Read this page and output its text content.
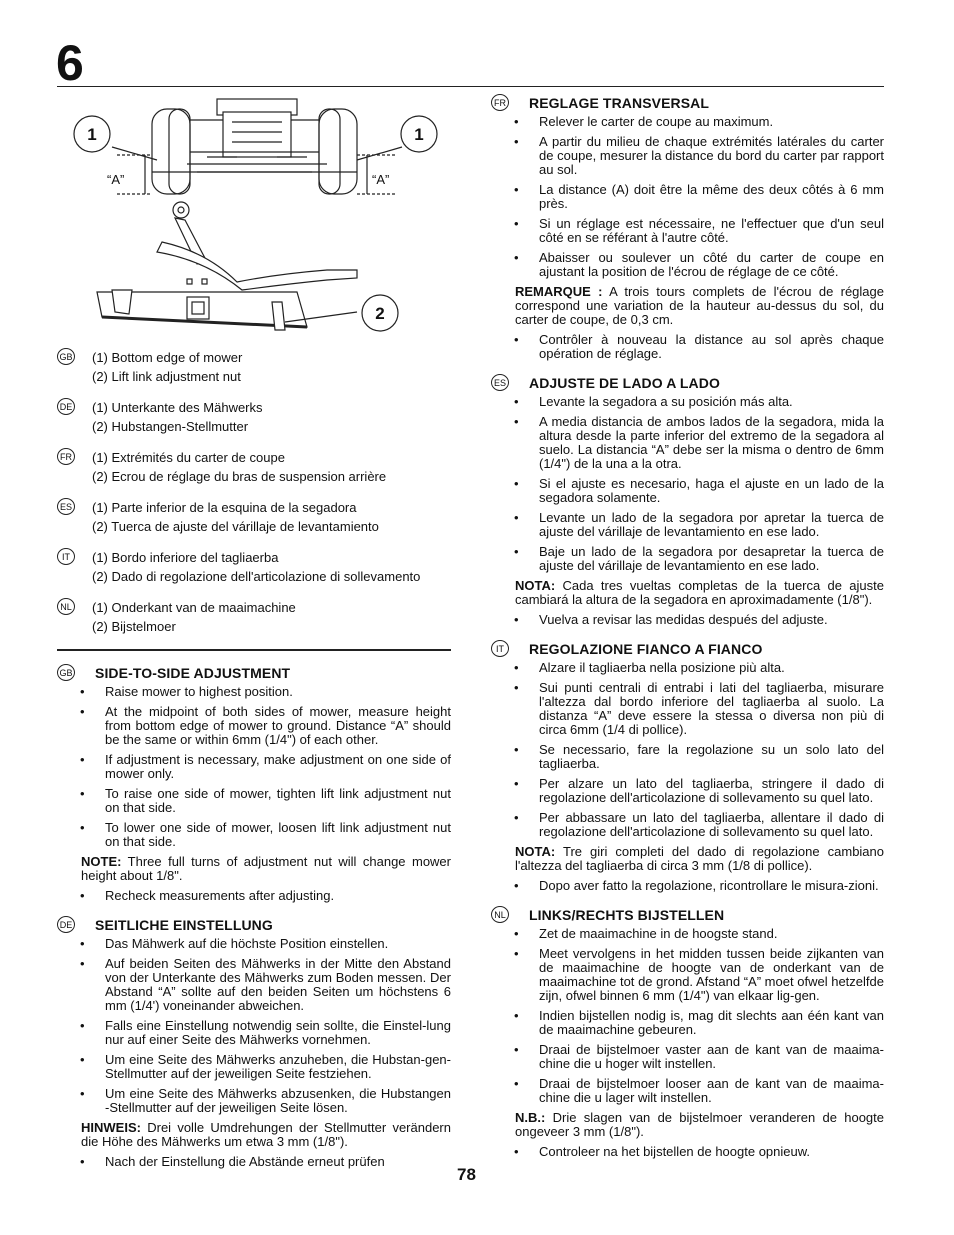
6
1	1
2
“A”	“A”
GB (1) Bottom edge of mower
(2) Lift link adjustment nut
DE (1) Unterkante des Mähwerks
(2) Hubstangen-Stellmutter
FR (1) Extrémités du carter de coupe
(2) Ecrou de réglage du bras de suspension arrière
ES (1) Parte inferior de la esquina de la segadora
(2) Tuerca de ajuste del várillaje de levantamiento
IT	(1) Bordo inferiore del tagliaerba
(2) Dado di regolazione dell'articolazione di sollevamento
NL (1) Onderkant van de maaimachine
(2) Bijstelmoer
GB SIDE-TO-SIDE ADJUSTMENT
• Raise mower to highest position.
• At the midpoint of both sides of mower, measure height from bottom edge of mower to ground. Distance “A” should be the same or within 6mm (1/4") of each other.
• If adjustment is necessary, make adjustment on one side of mower only.
• To raise one side of mower, tighten lift link adjustment nut on that side.
• To lower one side of mower, loosen lift link adjustment nut on that side.
NOTE: Three full turns of adjustment nut will change mower height about 1/8".
• Recheck measurements after adjusting.
DE SEITLICHE EINSTELLUNG
• Das Mähwerk auf die höchste Position einstellen.
• Auf beiden Seiten des Mähwerks in der Mitte den Abstand von der Unterkante des Mähwerks zum Boden messen. Der Abstand “A” sollte auf den beiden Seiten um höchstens 6 mm (1/4') voneinander abweichen.
• Falls eine Einstellung notwendig sein sollte, die Einstel-lung nur auf einer Seite des Mähwerks vornehmen.
• Um eine Seite des Mähwerks anzuheben, die Hubstan-gen-Stellmutter auf der jeweiligen Seite festziehen.
• Um eine Seite des Mähwerks abzusenken, die Hubstangen -Stellmutter auf der jeweiligen Seite lösen.
HINWEIS: Drei volle Umdrehungen der Stellmutter verändern die Höhe des Mähwerks um etwa 3 mm (1/8").
• Nach der Einstellung die Abstände erneut prüfen
FR REGLAGE TRANSVERSAL
• Relever le carter de coupe au maximum.
• A partir du milieu de chaque extrémités latérales du carter de coupe, mesurer la distance du bord du carter par rapport au sol.
• La distance (A) doit être la même des deux côtés à 6 mm près.
• Si un réglage est nécessaire, ne l'effectuer que d'un seul côté en se référant à l'autre côté.
• Abaisser ou soulever un côté du carter de coupe en ajustant la position de l'écrou de réglage de ce côté.
REMARQUE : A trois tours complets de l'écrou de réglage correspond une variation de la hauteur au-dessus du sol, du carter de coupe, de 0,3 cm.
• Contrôler à nouveau la distance au sol après chaque opération de réglage.
ES ADJUSTE DE LADO A LADO
• Levante la segadora a su posición más alta.
• A media distancia de ambos lados de la segadora, mida la altura desde la parte inferior del extremo de la segadora al suelo. La distancia “A” debe ser la misma o dentro de 6mm (1/4") de la una a la otra.
• Si el ajuste es necesario, haga el ajuste en un lado de la segadora solamente.
• Levante un lado de la segadora por apretar la tuerca de ajuste del várillaje de levantamiento en ese lado.
• Baje un lado de la segadora por desapretar la tuerca de ajuste del várillaje de levantamiento en ese lado.
NOTA: Cada tres vueltas completas de la tuerca de ajuste cambiará la altura de la segadora en aproximadamente (1/8").
• Vuelva a revisar las medidas después del adjuste.
IT	REGOLAZIONE FIANCO A FIANCO
• Alzare il tagliaerba nella posizione più alta.
• Sui punti centrali di entrabi i lati del tagliaerba, misurare l'altezza dal bordo inferiore del tagliaerba al suolo. La distanza “A” deve essere la stessa o diversa non più di circa 6mm (1/4 di pollice).
• Se necessario, fare la regolazione su un solo lato del tagliaerba.
• Per alzare un lato del tagliaerba, stringere il dado di regolazione dell'articolazione di sollevamento su quel lato.
• Per abbassare un lato del tagliaerba, allentare il dado di regolazione dell'articolazione di sollevamento su quel lato.
NOTA: Tre giri completi del dado di regolazione cambiano l'altezza del tagliaerba di circa 3 mm (1/8 di pollice).
• Dopo aver fatto la regolazione, ricontrollare le misura-zioni.
NL LINKS/RECHTS BIJSTELLEN
• Zet de maaimachine in de hoogste stand.
• Meet vervolgens in het midden tussen beide zijkanten van de maaimachine de hoogte van de onderkant van de maaimachine tot de grond. Afstand “A” moet ofwel hetzelfde zijn, ofwel binnen 6 mm (1/4") van elkaar lig-gen.
• Indien bijstellen nodig is, mag dit slechts aan één kant van de maaimachine gebeuren.
• Draai de bijstelmoer vaster aan de kant van de maaima-chine die u hoger wilt instellen.
• Draai de bijstelmoer looser aan de kant van de maaima-chine die u lager wilt instellen.
N.B.: Drie slagen van de bijstelmoer veranderen de hoogte ongeveer 3 mm (1/8").
• Controleer na het bijstellen de hoogte opnieuw.
78
